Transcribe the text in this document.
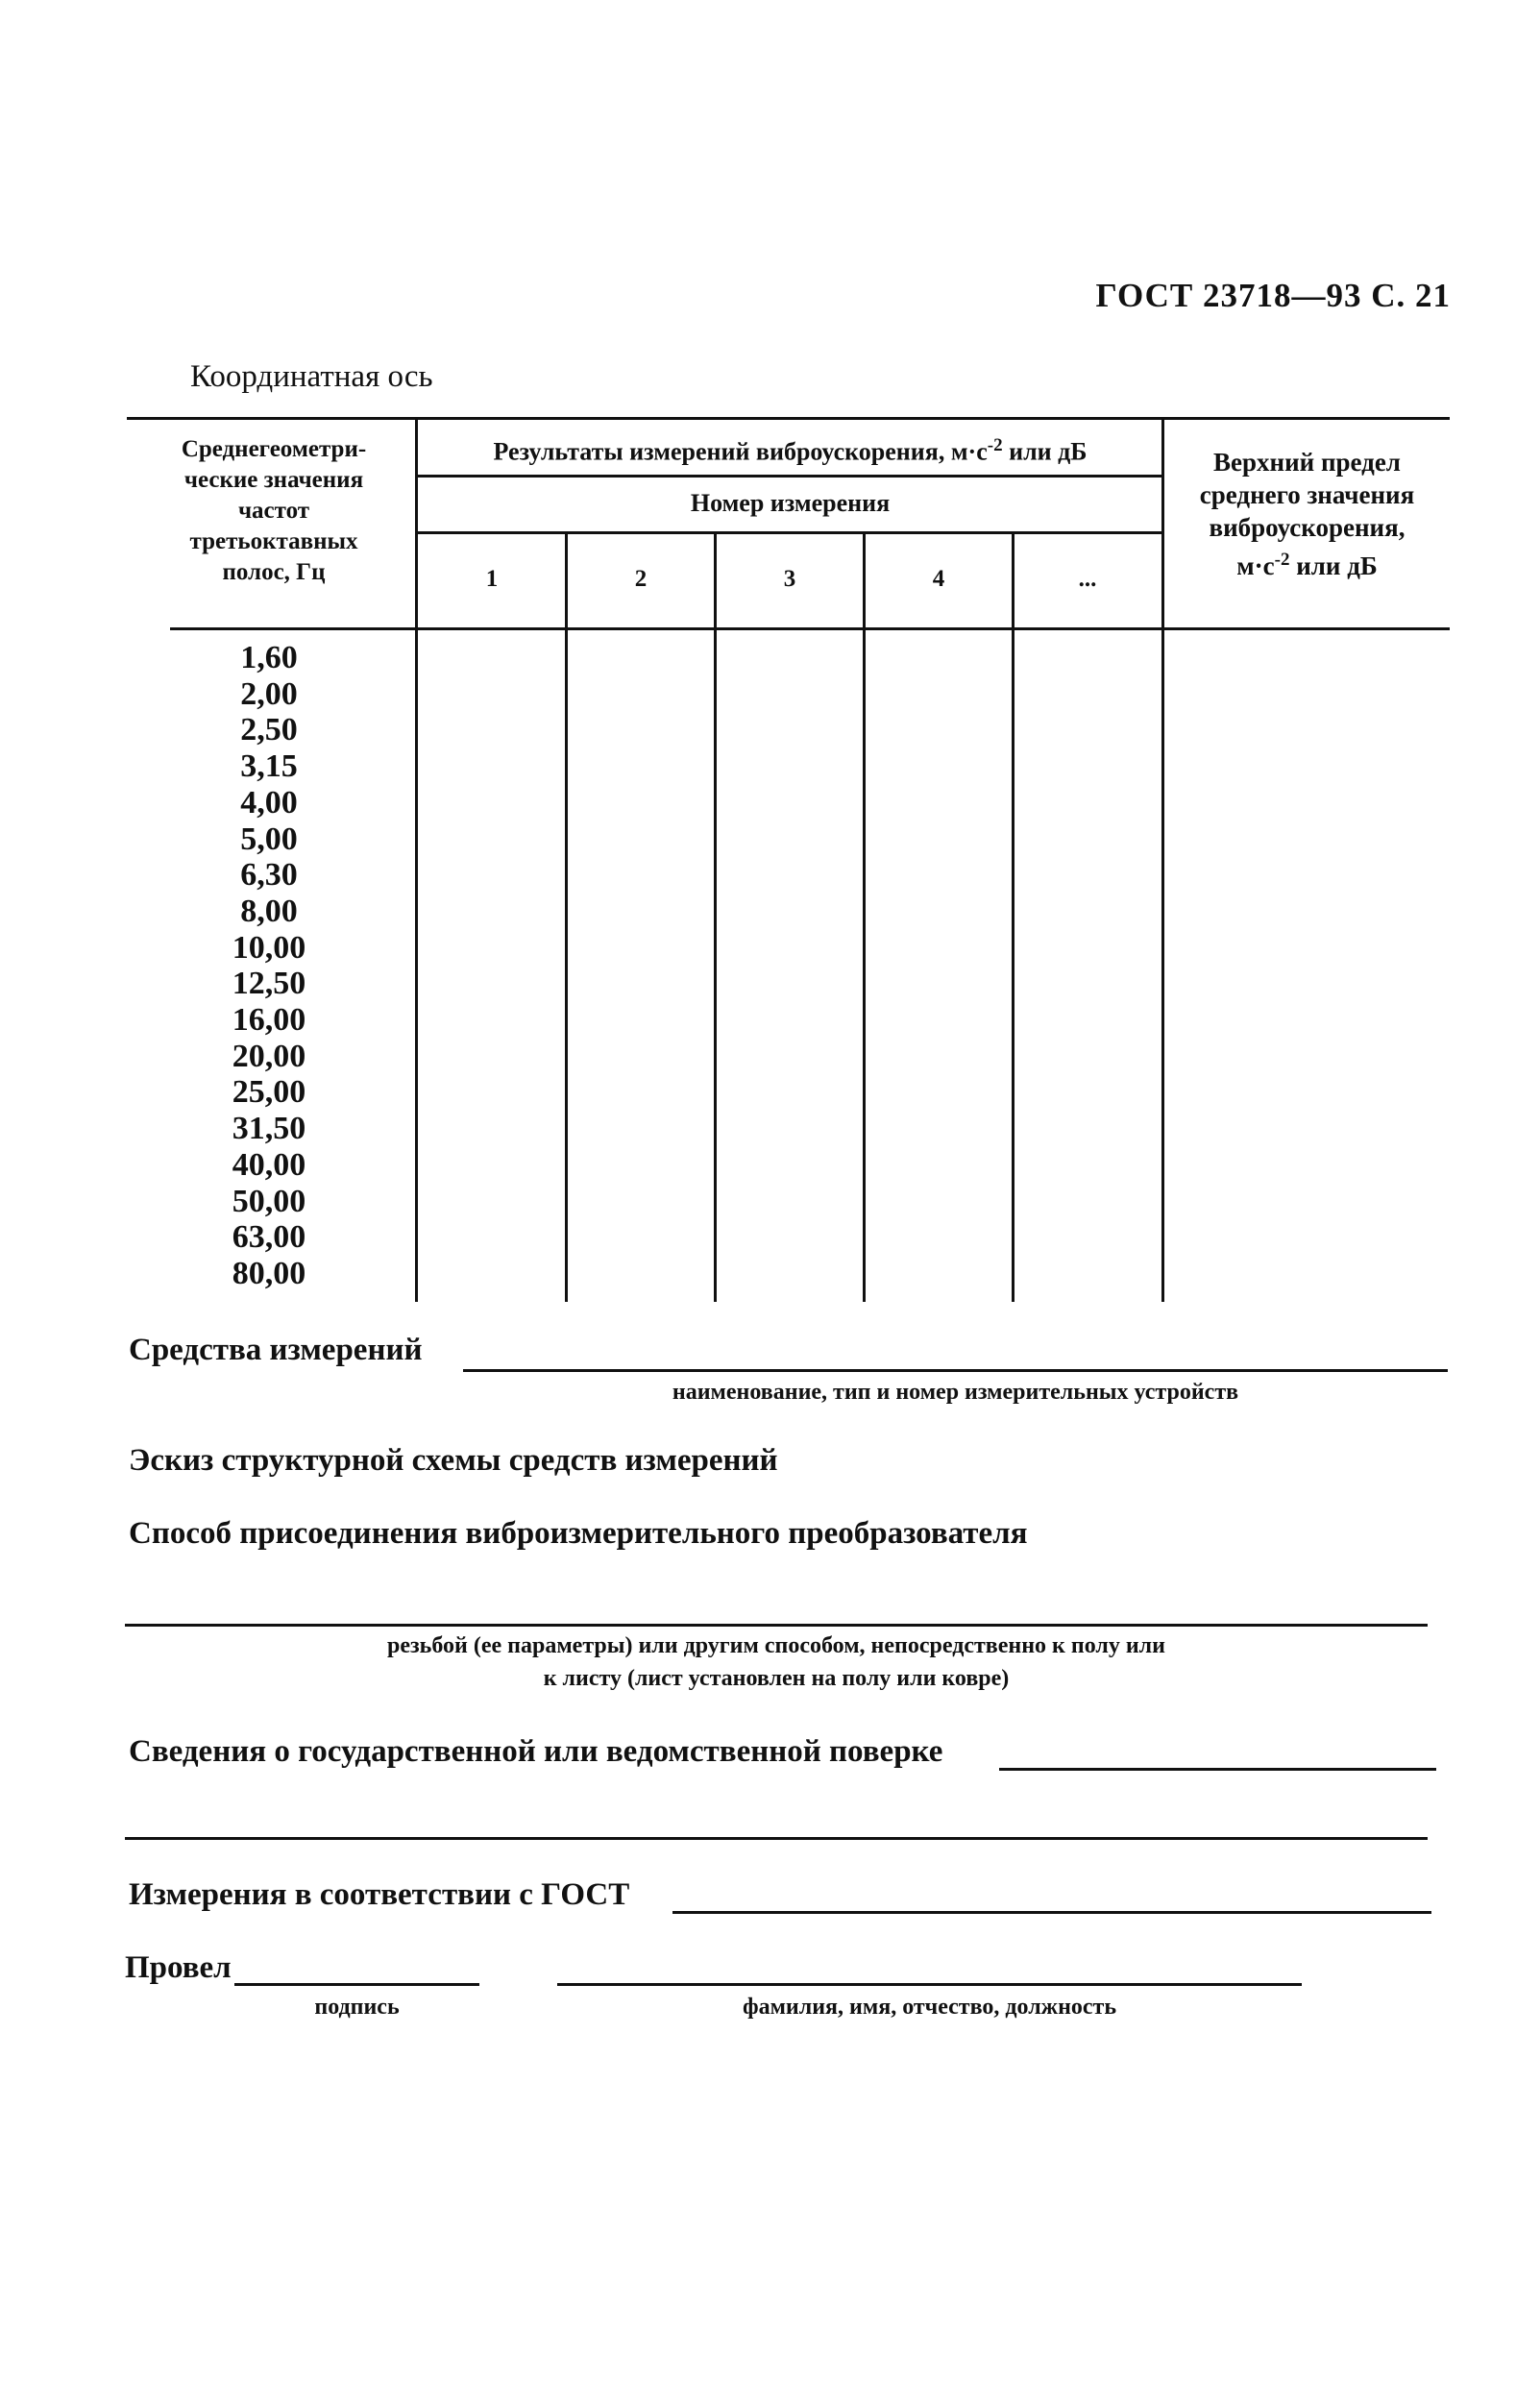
ГОСТ 23718—93 С. 21
Координатная ось
Среднегеометри-
ческие значения
частот
третьоктавных
полос, Гц
Результаты измерений виброускорения, $м\cdot с^{-2}$ или дБ
Номер измерения
1	2	3	4	...
Верхний предел
среднего значения
виброускорения,
$м\cdot с^{-2}$ или дБ
1,60
2,00
2,50
3,15
4,00
5,00
6,30
8,00
10,00
12,50
16,00
20,00
25,00
31,50
40,00
50,00
63,00
80,00
Средства измерений
наименование, тип и номер измерительных устройств
Эскиз структурной схемы средств измерений
Способ присоединения виброизмерительного преобразователя
резьбой (ее параметры) или другим способом, непосредственно к полу или
к листу (лист установлен на полу или ковре)
Сведения о государственной или ведомственной поверке
Измерения в соответствии с ГОСТ
Провел
подпись	фамилия, имя, отчество, должность
